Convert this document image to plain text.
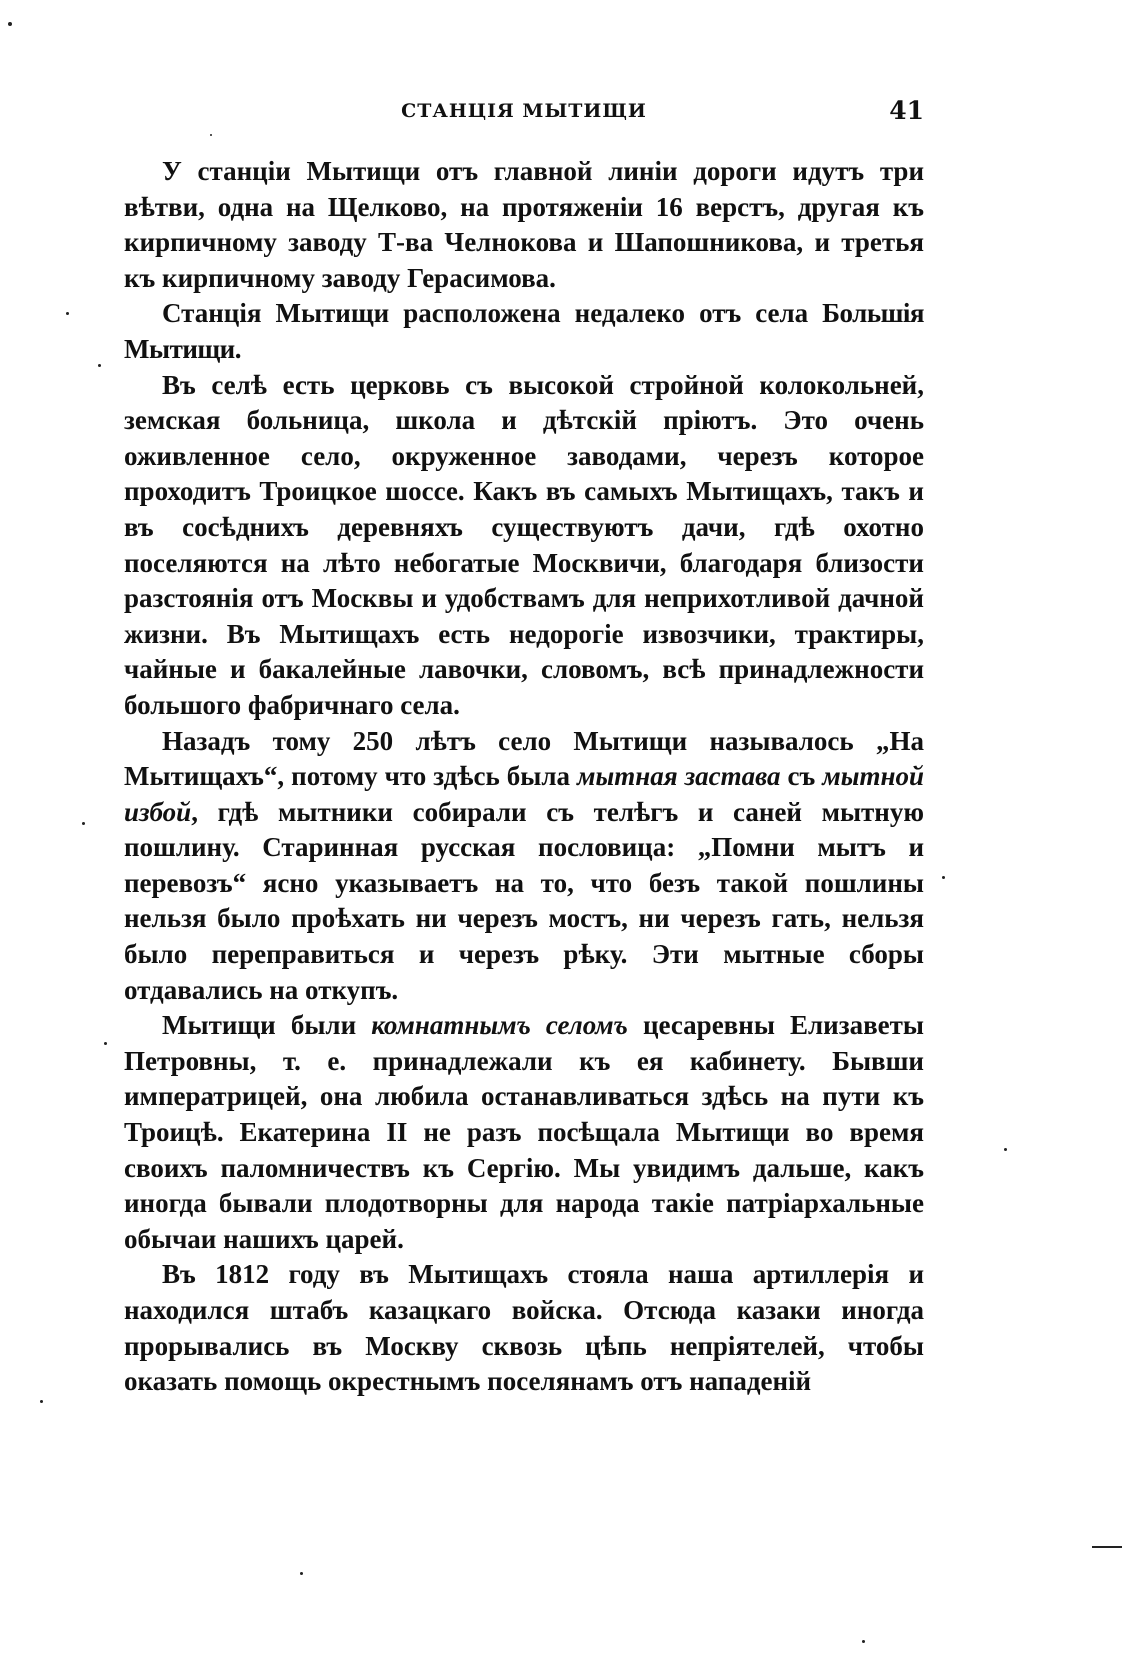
СТАНЦІЯ МЫТИЩИ	41

У станціи Мытищи отъ главной линіи дороги идутъ три вѣтви, одна на Щелково, на протяженіи 16 верстъ, другая къ кирпичному заводу Т-ва Челнокова и Шапошникова, и третья къ кирпичному заводу Герасимова.

Станція Мытищи расположена недалеко отъ села Большія Мытищи.

Въ селѣ есть церковь съ высокой стройной колокольней, земская больница, школа и дѣтскій пріютъ. Это очень оживленное село, окруженное заводами, черезъ которое проходитъ Троицкое шоссе. Какъ въ самыхъ Мытищахъ, такъ и въ сосѣднихъ деревняхъ существуютъ дачи, гдѣ охотно поселяются на лѣто небогатые Москвичи, благодаря близости разстоянія отъ Москвы и удобствамъ для неприхотливой дачной жизни. Въ Мытищахъ есть недорогіе извозчики, трактиры, чайные и бакалейные лавочки, словомъ, всѣ принадлежности большого фабричнаго села.

Назадъ тому 250 лѣтъ село Мытищи называлось „На Мытищахъ“, потому что здѣсь была мытная застава съ мытной избой, гдѣ мытники собирали съ телѣгъ и саней мытную пошлину. Старинная русская пословица: „Помни мытъ и перевозъ“ ясно указываетъ на то, что безъ такой пошлины нельзя было проѣхать ни черезъ мостъ, ни черезъ гать, нельзя было переправиться и черезъ рѣку. Эти мытные сборы отдавались на откупъ.

Мытищи были комнатнымъ селомъ цесаревны Елизаветы Петровны, т. е. принадлежали къ ея кабинету. Бывши императрицей, она любила останавливаться здѣсь на пути къ Троицѣ. Екатерина II не разъ посѣщала Мытищи во время своихъ паломничествъ къ Сергію. Мы увидимъ дальше, какъ иногда бывали плодотворны для народа такіе патріархальные обычаи нашихъ царей.

Въ 1812 году въ Мытищахъ стояла наша артиллерія и находился штабъ казацкаго войска. Отсюда казаки иногда прорывались въ Москву сквозь цѣпь непріятелей, чтобы оказать помощь окрестнымъ поселянамъ отъ нападеній
